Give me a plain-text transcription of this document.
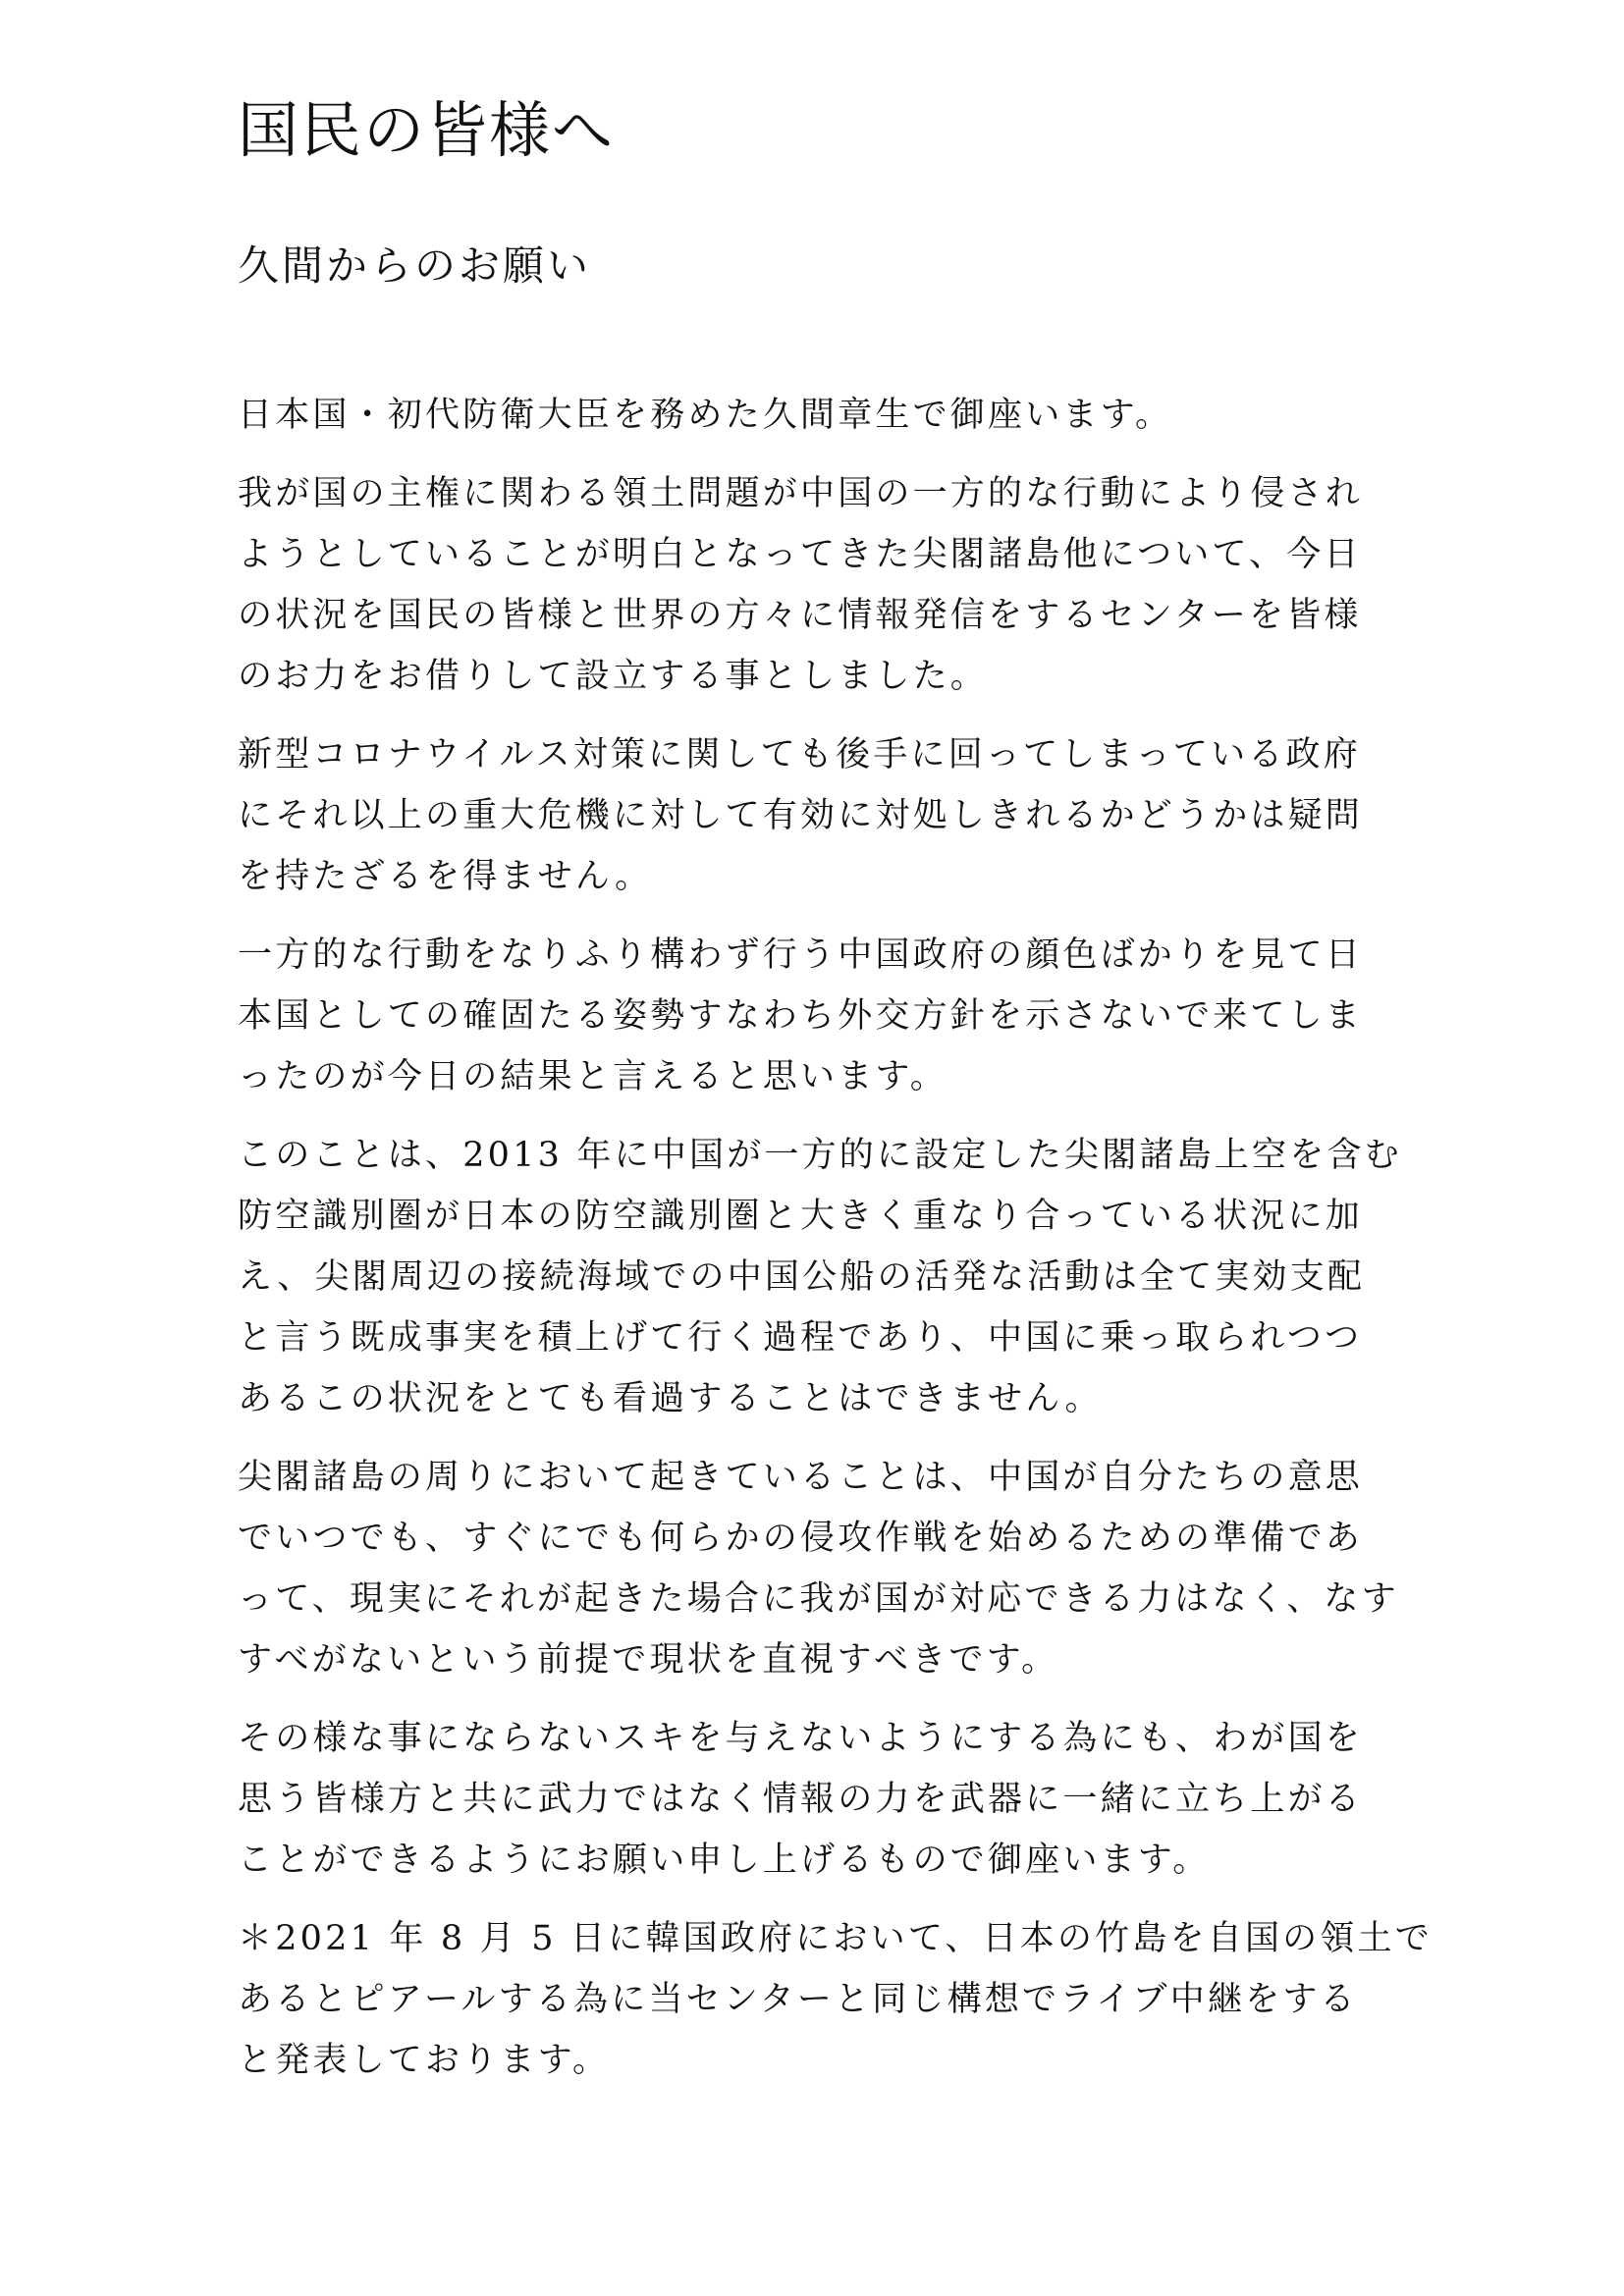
国民の皆様へ
久間からのお願い

日本国・初代防衛大臣を務めた久間章生で御座います。

我が国の主権に関わる領土問題が中国の一方的な行動により侵され
ようとしていることが明白となってきた尖閣諸島他について、今日
の状況を国民の皆様と世界の方々に情報発信をするセンターを皆様
のお力をお借りして設立する事としました。

新型コロナウイルス対策に関しても後手に回ってしまっている政府
にそれ以上の重大危機に対して有効に対処しきれるかどうかは疑問
を持たざるを得ません。

一方的な行動をなりふり構わず行う中国政府の顔色ばかりを見て日
本国としての確固たる姿勢すなわち外交方針を示さないで来てしま
ったのが今日の結果と言えると思います。

このことは、2013 年に中国が一方的に設定した尖閣諸島上空を含む
防空識別圏が日本の防空識別圏と大きく重なり合っている状況に加
え、尖閣周辺の接続海域での中国公船の活発な活動は全て実効支配
と言う既成事実を積上げて行く過程であり、中国に乗っ取られつつ
あるこの状況をとても看過することはできません。

尖閣諸島の周りにおいて起きていることは、中国が自分たちの意思
でいつでも、すぐにでも何らかの侵攻作戦を始めるための準備であ
って、現実にそれが起きた場合に我が国が対応できる力はなく、なす
すべがないという前提で現状を直視すべきです。

その様な事にならないスキを与えないようにする為にも、わが国を
思う皆様方と共に武力ではなく情報の力を武器に一緒に立ち上がる
ことができるようにお願い申し上げるもので御座います。

＊2021 年 8 月 5 日に韓国政府において、日本の竹島を自国の領土で
あるとピアールする為に当センターと同じ構想でライブ中継をする
と発表しております。
